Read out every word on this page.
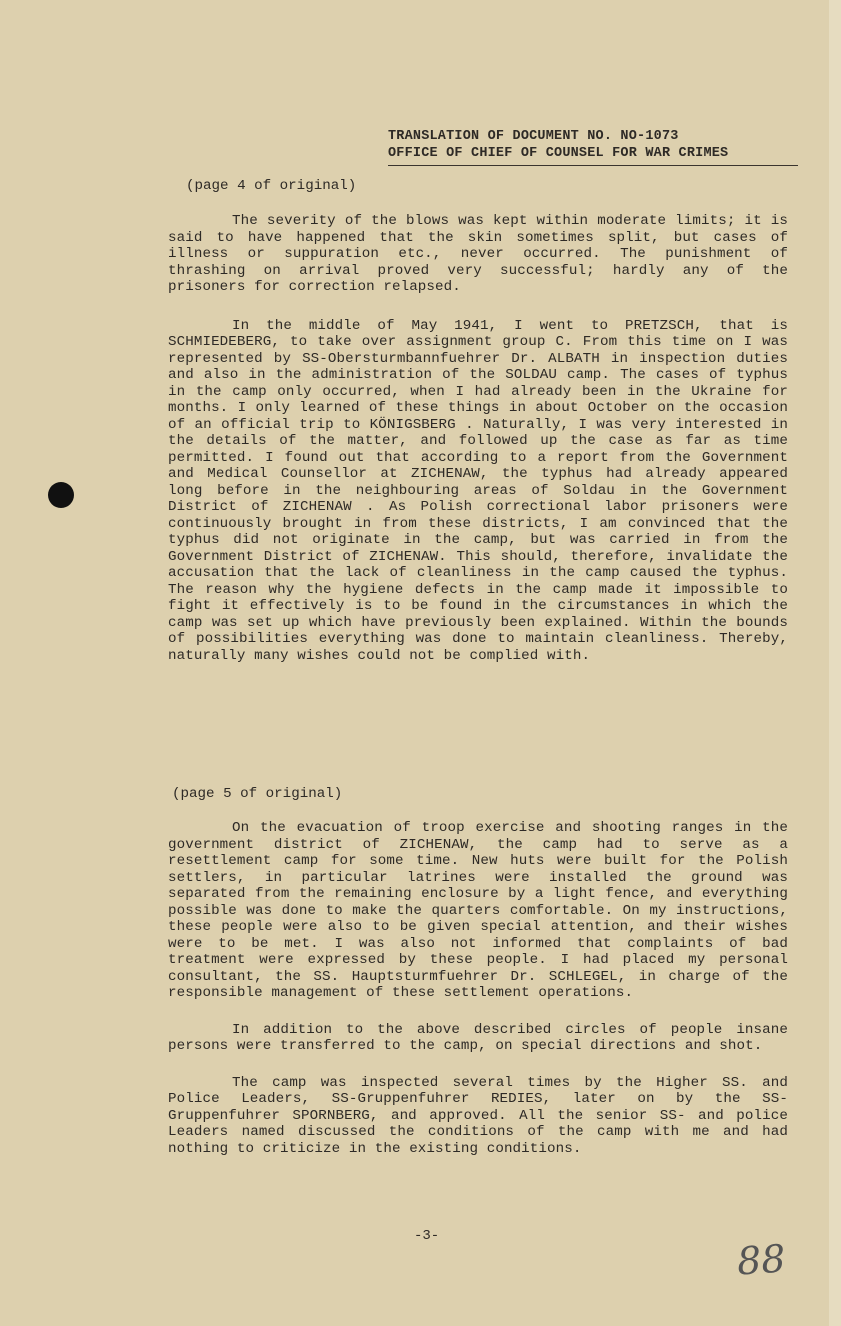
TRANSLATION OF DOCUMENT NO. NO-1073
OFFICE OF CHIEF OF COUNSEL FOR WAR CRIMES
(page 4 of original)
The severity of the blows was kept within moderate limits; it is said to have happened that the skin sometimes split, but cases of illness or suppuration etc., never occurred. The punishment of thrashing on arrival proved very successful; hardly any of the prisoners for correction relapsed.
In the middle of May 1941, I went to PRETZSCH, that is SCHMIEDEBERG, to take over assignment group C. From this time on I was represented by SS-Obersturmbannfuehrer Dr. ALBATH in inspection duties and also in the administration of the SOLDAU camp. The cases of typhus in the camp only occurred, when I had already been in the Ukraine for months. I only learned of these things in about October on the occasion of an official trip to KÖNIGSBERG . Naturally, I was very interested in the details of the matter, and followed up the case as far as time permitted. I found out that according to a report from the Government and Medical Counsellor at ZICHENAW, the typhus had already appeared long before in the neighbouring areas of Soldau in the Government District of ZICHENAW . As Polish correctional labor prisoners were continuously brought in from these districts, I am convinced that the typhus did not originate in the camp, but was carried in from the Government District of ZICHENAW. This should, therefore, invalidate the accusation that the lack of cleanliness in the camp caused the typhus. The reason why the hygiene defects in the camp made it impossible to fight it effectively is to be found in the circumstances in which the camp was set up which have previously been explained. Within the bounds of possibilities everything was done to maintain cleanliness. Thereby, naturally many wishes could not be complied with.
(page 5 of original)
On the evacuation of troop exercise and shooting ranges in the government district of ZICHENAW, the camp had to serve as a resettlement camp for some time. New huts were built for the Polish settlers, in particular latrines were installed the ground was separated from the remaining enclosure by a light fence, and everything possible was done to make the quarters comfortable. On my instructions, these people were also to be given special attention, and their wishes were to be met. I was also not informed that complaints of bad treatment were expressed by these people. I had placed my personal consultant, the SS. Hauptsturmfuehrer Dr. SCHLEGEL, in charge of the responsible management of these settlement operations.
In addition to the above described circles of people insane persons were transferred to the camp, on special directions and shot.
The camp was inspected several times by the Higher SS. and Police Leaders, SS-Gruppenfuhrer REDIES, later on by the SS- Gruppenfuhrer SPORNBERG, and approved. All the senior SS- and police Leaders named discussed the conditions of the camp with me and had nothing to criticize in the existing conditions.
-3-
88
